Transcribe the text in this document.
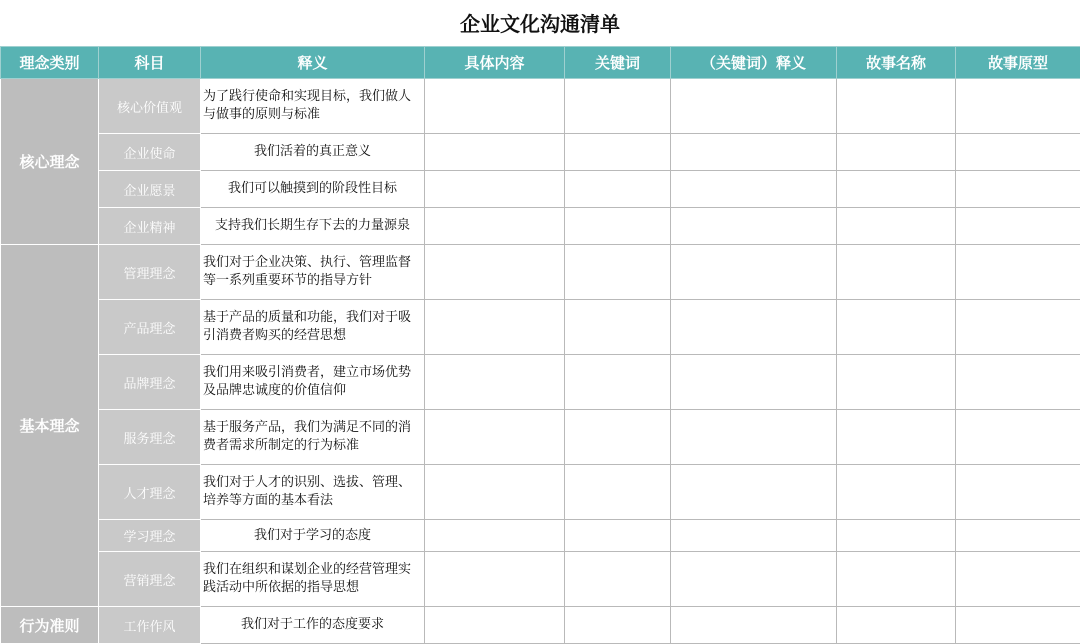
企业文化沟通清单
理念类别	科目	释义	具体内容	关键词	（关键词）释义	故事名称	故事原型
核心理念	核心价值观	为了践行使命和实现目标，我们做人与做事的原则与标准					
	企业使命	我们活着的真正意义					
	企业愿景	我们可以触摸到的阶段性目标					
	企业精神	支持我们长期生存下去的力量源泉					
基本理念	管理理念	我们对于企业决策、执行、管理监督等一系列重要环节的指导方针					
	产品理念	基于产品的质量和功能，我们对于吸引消费者购买的经营思想					
	品牌理念	我们用来吸引消费者，建立市场优势及品牌忠诚度的价值信仰					
	服务理念	基于服务产品，我们为满足不同的消费者需求所制定的行为标准					
	人才理念	我们对于人才的识别、选拔、管理、培养等方面的基本看法					
	学习理念	我们对于学习的态度					
	营销理念	我们在组织和谋划企业的经营管理实践活动中所依据的指导思想					
行为准则	工作作风	我们对于工作的态度要求					
